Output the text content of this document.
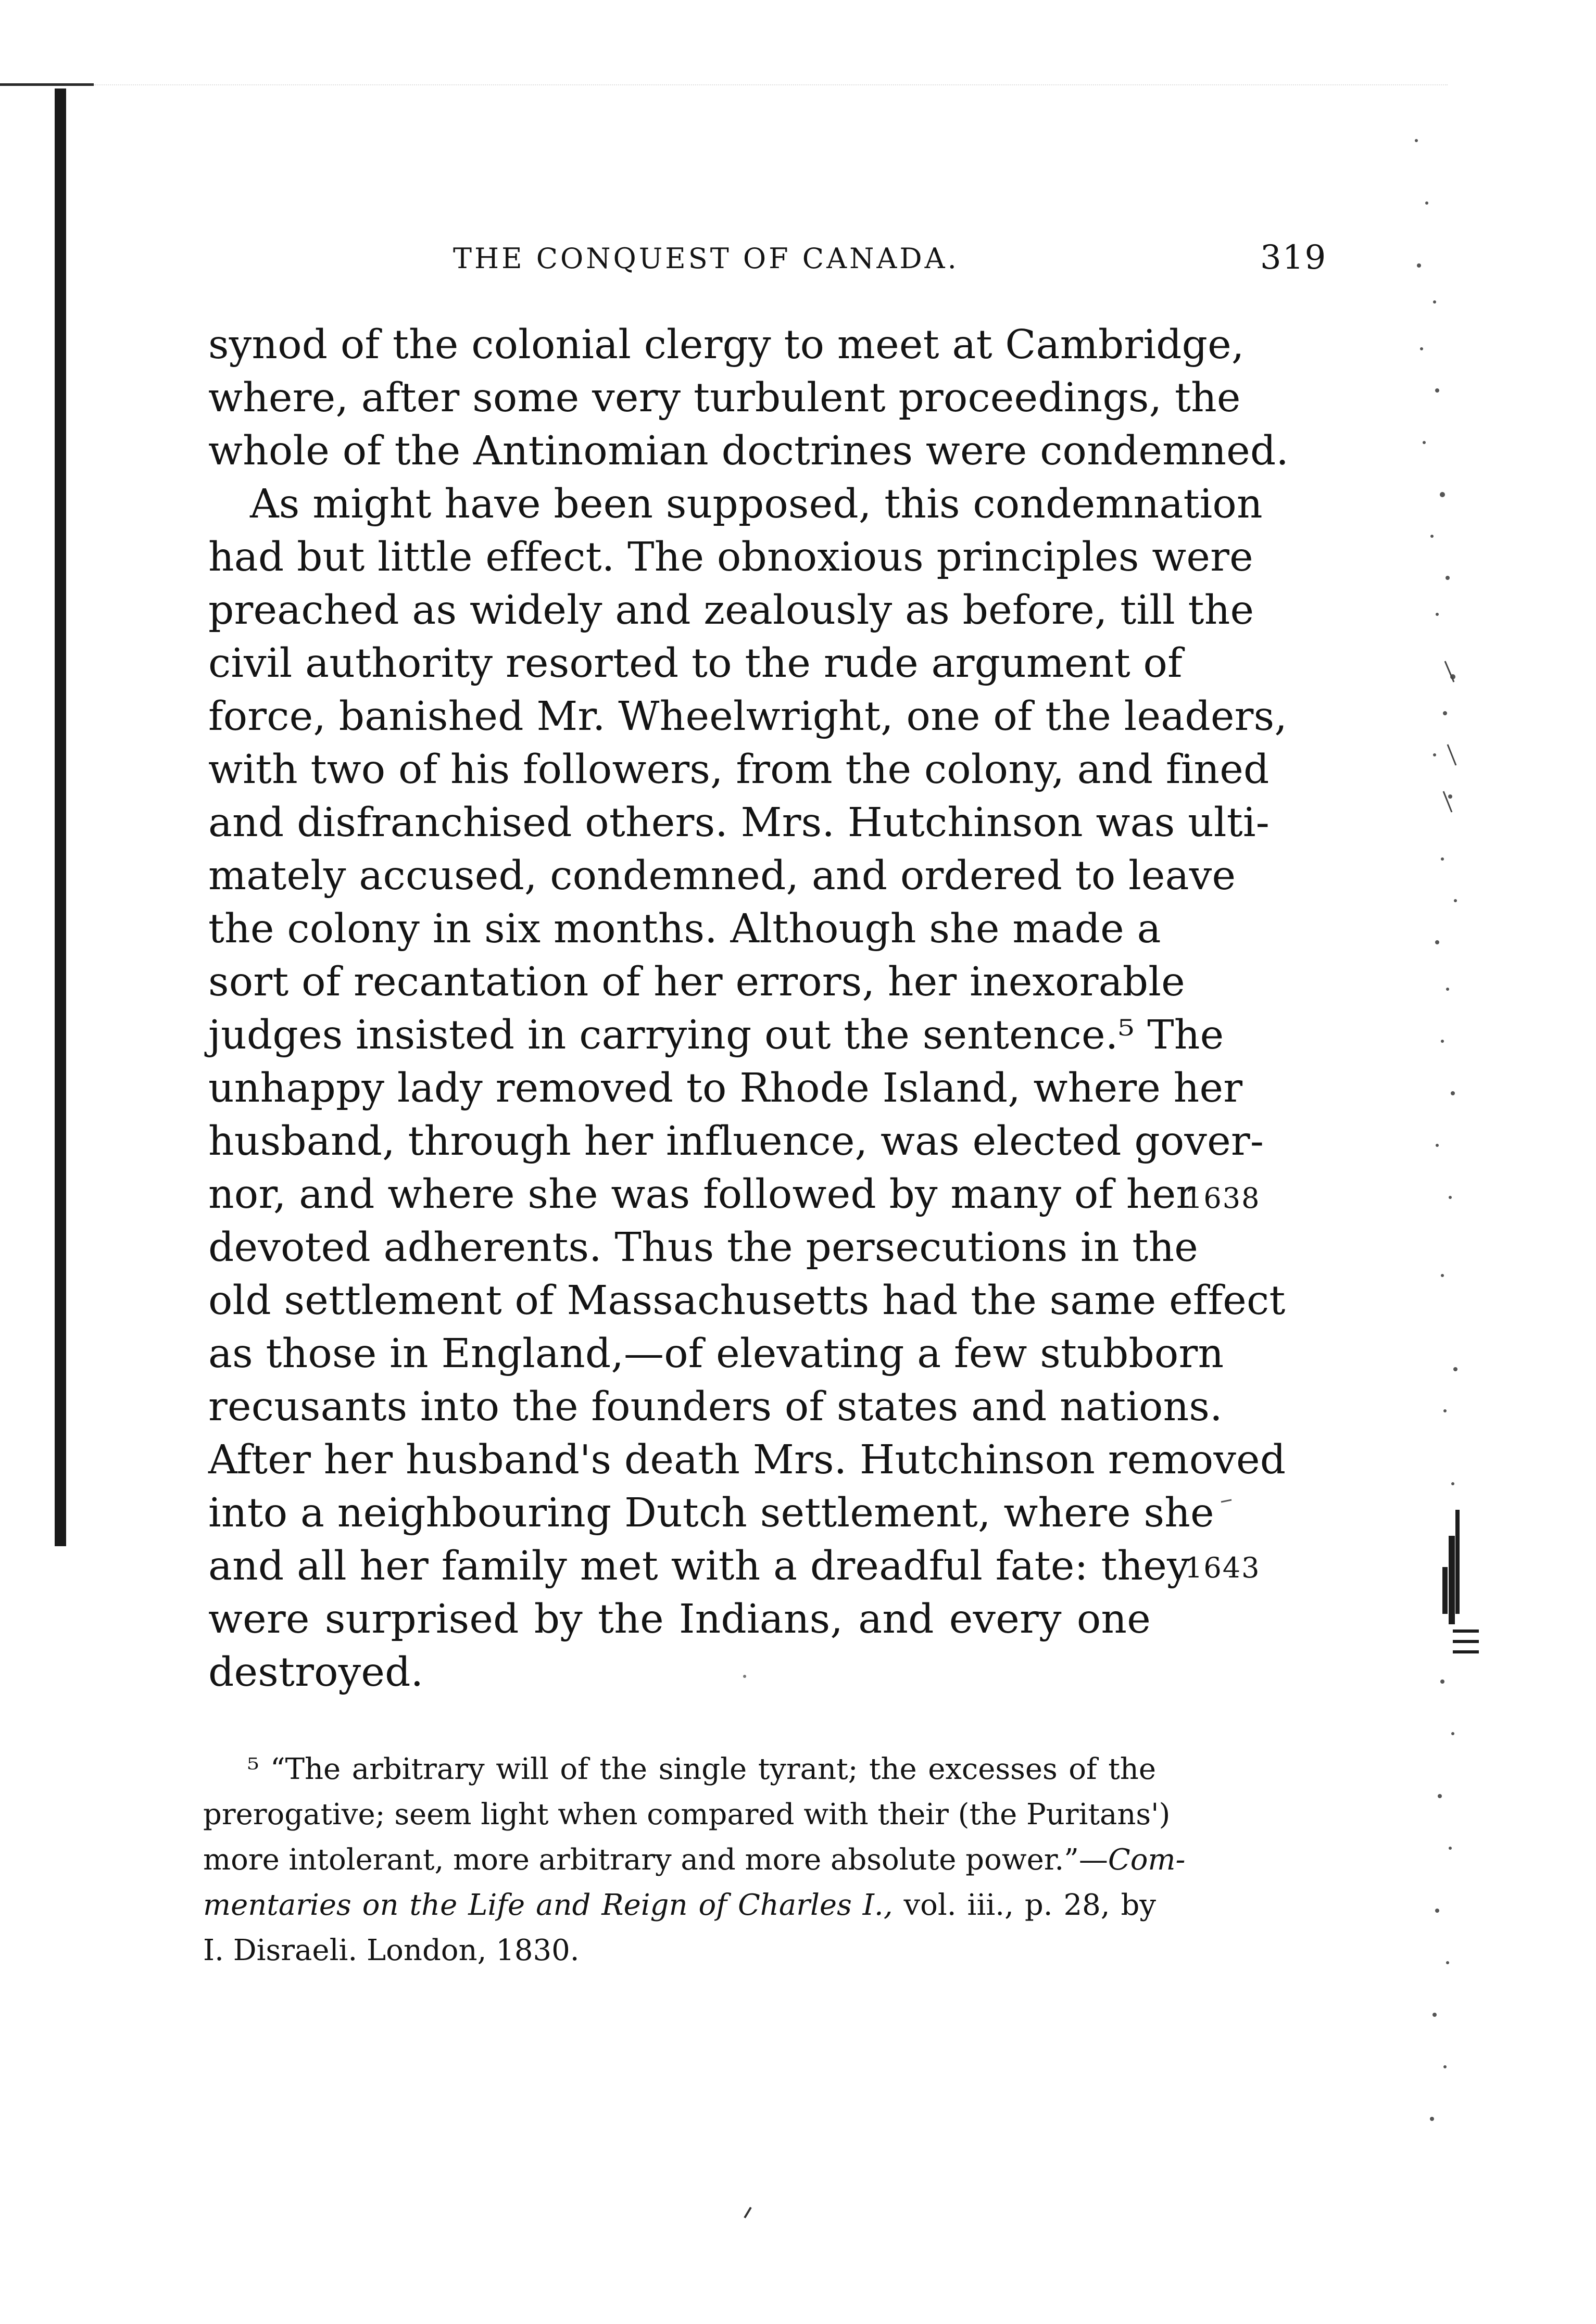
THE CONQUEST OF CANADA.	319
synod of the colonial clergy to meet at Cambridge,
where, after some very turbulent proceedings, the
whole of the Antinomian doctrines were condemned.
As might have been supposed, this condemnation
had but little effect. The obnoxious principles were
preached as widely and zealously as before, till the
civil authority resorted to the rude argument of
force, banished Mr. Wheelwright, one of the leaders,
with two of his followers, from the colony, and fined
and disfranchised others. Mrs. Hutchinson was ulti-
mately accused, condemned, and ordered to leave
the colony in six months. Although she made a
sort of recantation of her errors, her inexorable
judges insisted in carrying out the sentence.⁵ The
unhappy lady removed to Rhode Island, where her
husband, through her influence, was elected gover-
nor, and where she was followed by many of her
devoted adherents. Thus the persecutions in the
old settlement of Massachusetts had the same effect
as those in England,—of elevating a few stubborn
recusants into the founders of states and nations.
After her husband's death Mrs. Hutchinson removed
into a neighbouring Dutch settlement, where she
and all her family met with a dreadful fate: they
were surprised by the Indians, and every one
destroyed.
1638
1643
⁵ “The arbitrary will of the single tyrant; the excesses of the
prerogative; seem light when compared with their (the Puritans')
more intolerant, more arbitrary and more absolute power.”—Com-
mentaries on the Life and Reign of Charles I., vol. iii., p. 28, by
I. Disraeli. London, 1830.
